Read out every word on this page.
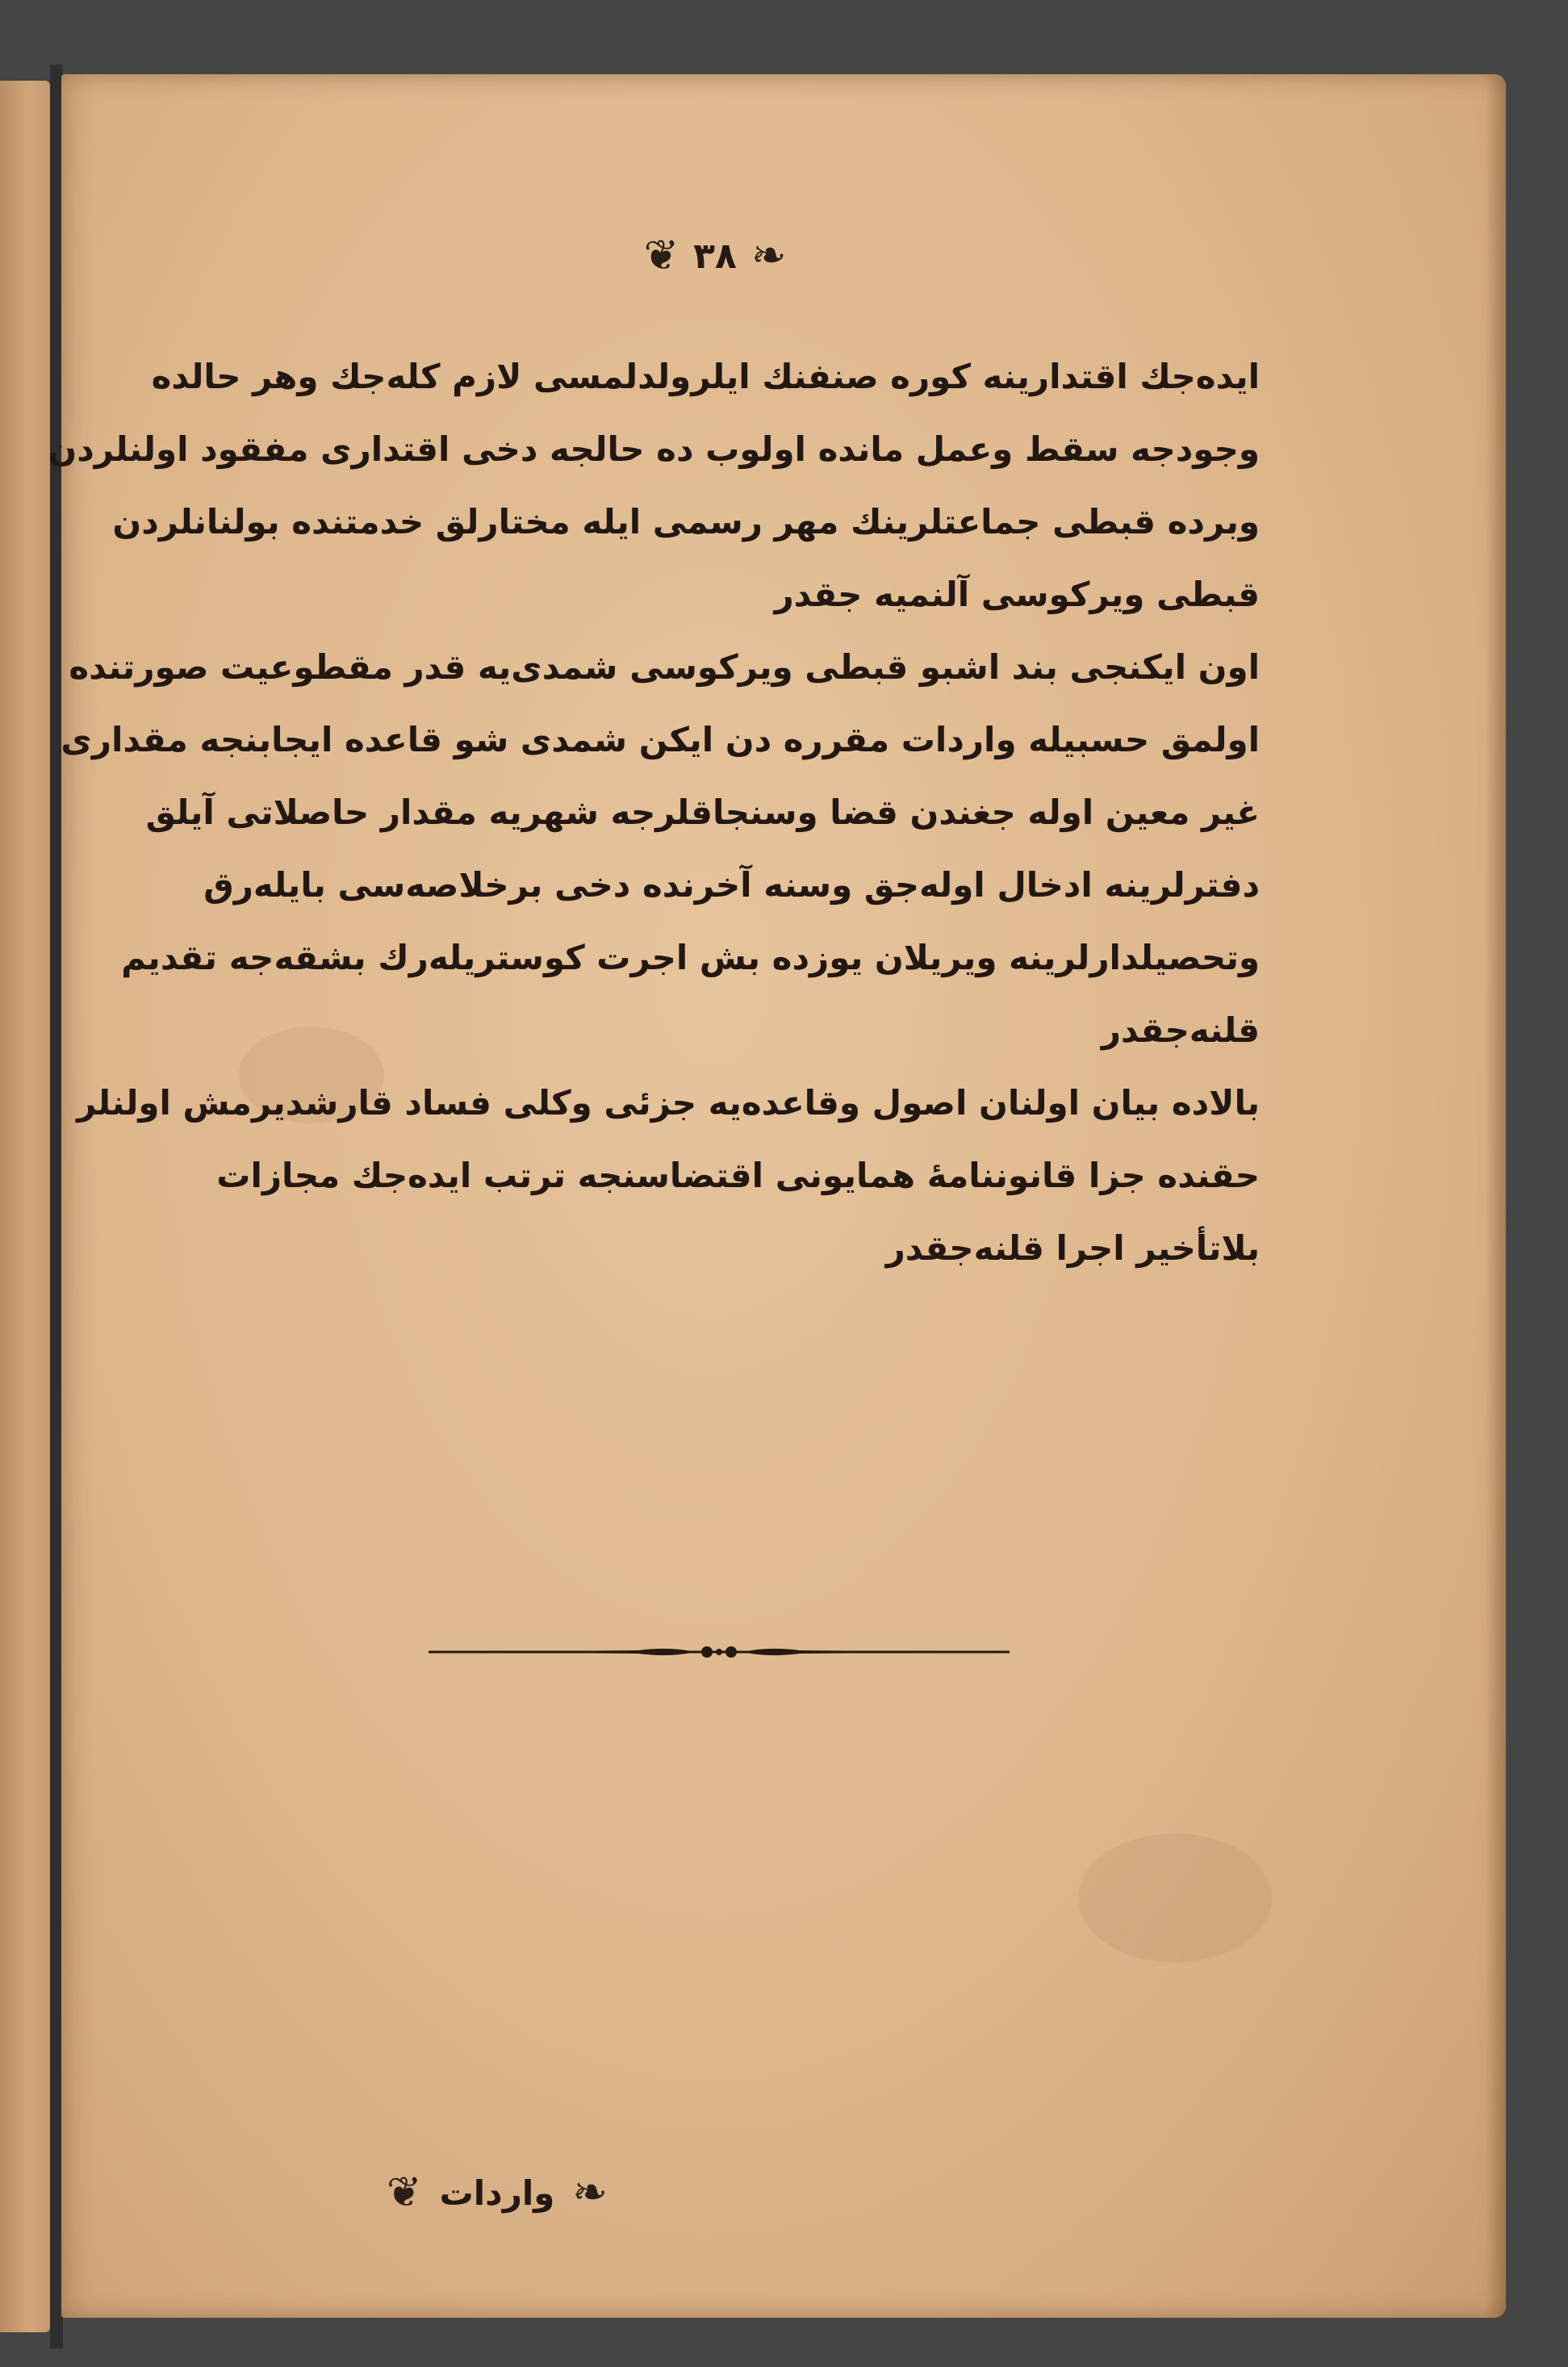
❧
٣٨
❦
ایده‌جك اقتدارینه كوره صنفنك ایلرولدلمسی لازم كله‌جك وهر حالده
وجودجه سقط وعمل مانده اولوب ده حالجه دخی اقتداری مفقود اولنلردن
وبرده قبطی جماعتلرینك مهر رسمی ایله مختارلق خدمتنده بولنانلردن
قبطی ویركوسی آلنمیه جقدر
اون ایكنجی بند اشبو قبطی ویركوسی شمدی‌یه قدر مقطوعیت صورتنده
اولمق حسبیله واردات مقرره دن ایكن شمدی شو قاعده ایجابنجه مقداری
غیر معین اوله جغندن قضا وسنجاقلرجه شهریه مقدار حاصلاتی آیلق
دفترلرینه ادخال اوله‌جق وسنه آخرنده دخی برخلاصه‌سی بایله‌رق
وتحصیلدارلرینه ویریلان یوزده بش اجرت كوستریله‌رك بشقه‌جه تقدیم
قلنه‌جقدر
بالاده بیان اولنان اصول وقاعده‌یه جزئی وكلی فساد قارشدیرمش اولنلر
حقنده جزا قانوننامهٔ همایونی اقتضاسنجه ترتب ایده‌جك مجازات
بلاتأخیر اجرا قلنه‌جقدر
❧
واردات
❦
